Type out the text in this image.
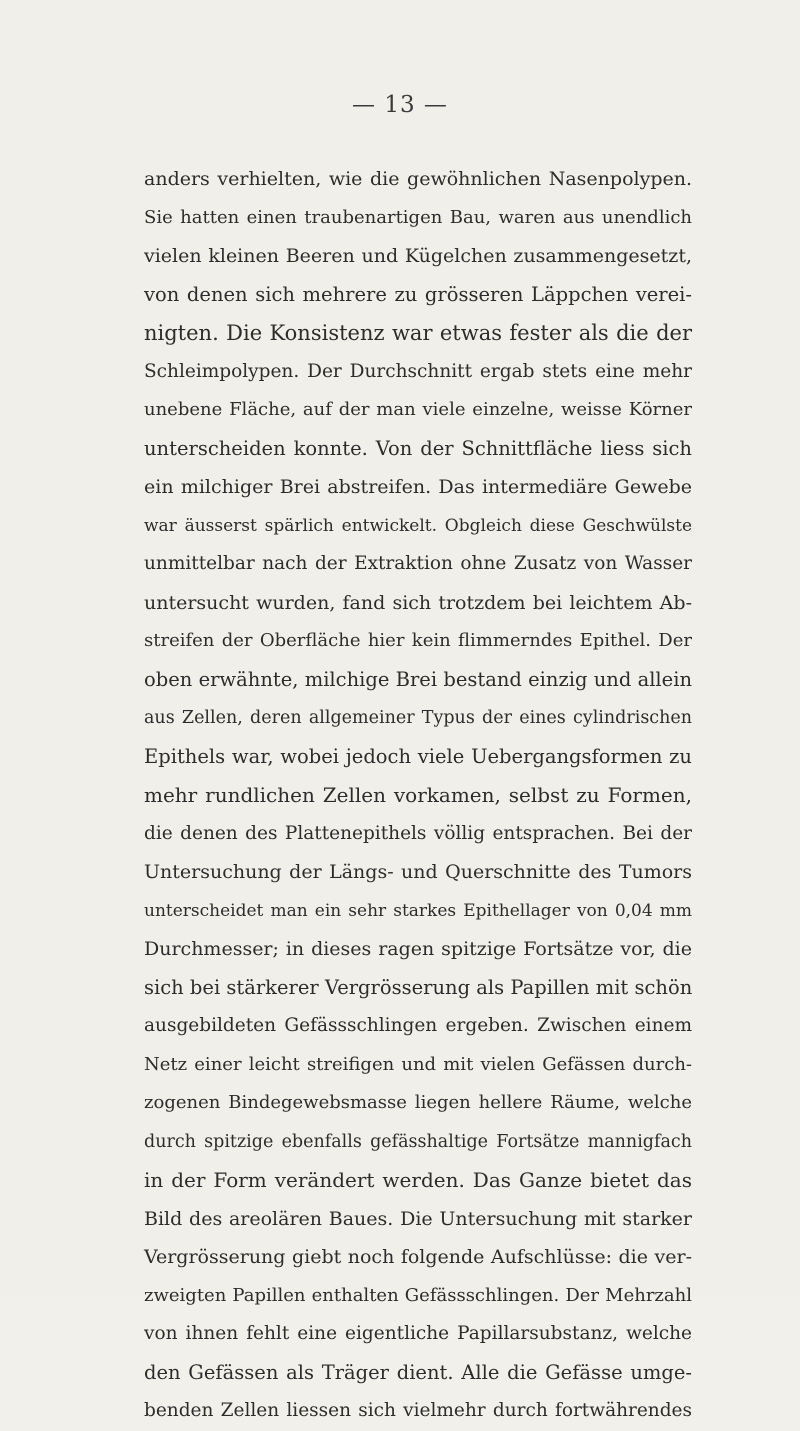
— 13 —
anders verhielten, wie die gewöhnlichen Nasenpolypen.
Sie hatten einen traubenartigen Bau, waren aus unendlich
vielen kleinen Beeren und Kügelchen zusammengesetzt,
von denen sich mehrere zu grösseren Läppchen verei-
nigten. Die Konsistenz war etwas fester als die der
Schleimpolypen. Der Durchschnitt ergab stets eine mehr
unebene Fläche, auf der man viele einzelne, weisse Körner
unterscheiden konnte. Von der Schnittfläche liess sich
ein milchiger Brei abstreifen. Das intermediäre Gewebe
war äusserst spärlich entwickelt. Obgleich diese Geschwülste
unmittelbar nach der Extraktion ohne Zusatz von Wasser
untersucht wurden, fand sich trotzdem bei leichtem Ab-
streifen der Oberfläche hier kein flimmerndes Epithel. Der
oben erwähnte, milchige Brei bestand einzig und allein
aus Zellen, deren allgemeiner Typus der eines cylindrischen
Epithels war, wobei jedoch viele Uebergangsformen zu
mehr rundlichen Zellen vorkamen, selbst zu Formen,
die denen des Plattenepithels völlig entsprachen. Bei der
Untersuchung der Längs- und Querschnitte des Tumors
unterscheidet man ein sehr starkes Epithellager von 0,04 mm
Durchmesser; in dieses ragen spitzige Fortsätze vor, die
sich bei stärkerer Vergrösserung als Papillen mit schön
ausgebildeten Gefässschlingen ergeben. Zwischen einem
Netz einer leicht streifigen und mit vielen Gefässen durch-
zogenen Bindegewebsmasse liegen hellere Räume, welche
durch spitzige ebenfalls gefässhaltige Fortsätze mannigfach
in der Form verändert werden. Das Ganze bietet das
Bild des areolären Baues. Die Untersuchung mit starker
Vergrösserung giebt noch folgende Aufschlüsse: die ver-
zweigten Papillen enthalten Gefässschlingen. Der Mehrzahl
von ihnen fehlt eine eigentliche Papillarsubstanz, welche
den Gefässen als Träger dient. Alle die Gefässe umge-
benden Zellen liessen sich vielmehr durch fortwährendes
